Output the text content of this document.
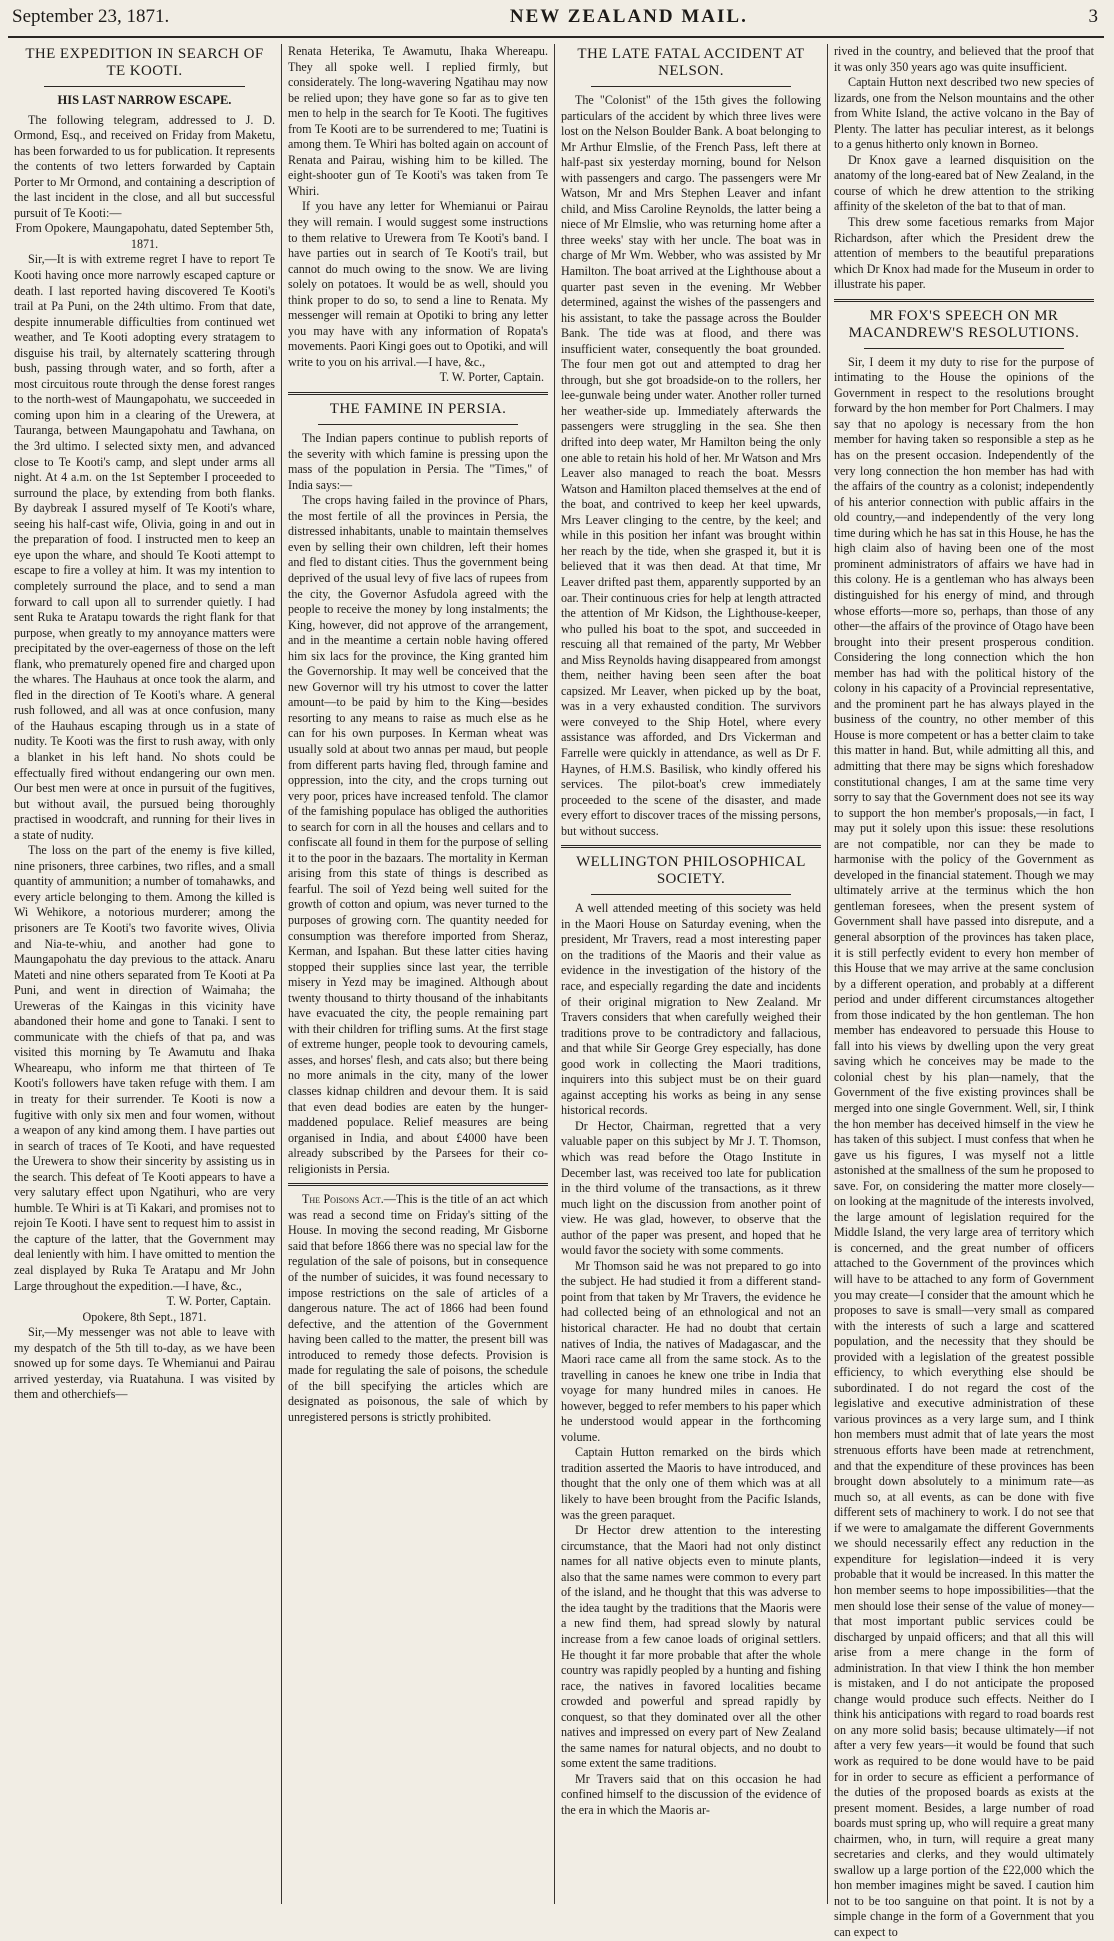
September 23, 1871.	NEW ZEALAND MAIL.	3
THE EXPEDITION IN SEARCH OF TE KOOTI.
HIS LAST NARROW ESCAPE.

The following telegram, addressed to J. D. Ormond, Esq., and received on Friday from Maketu, has been forwarded to us for publication. It represents the contents of two letters forwarded by Captain Porter to Mr Ormond, and containing a description of the last incident in the close, and all but successful pursuit of Te Kooti:—

From Opokere, Maungapohatu, dated September 5th, 1871.

Sir,—It is with extreme regret I have to report Te Kooti having once more narrowly escaped capture or death. I last reported having discovered Te Kooti's trail at Pa Puni, on the 24th ultimo. From that date, despite innumerable difficulties from continued wet weather, and Te Kooti adopting every stratagem to disguise his trail, by alternately scattering through bush, passing through water, and so forth, after a most circuitous route through the dense forest ranges to the north-west of Maungapohatu, we succeeded in coming upon him in a clearing of the Urewera, at Tauranga, between Maungapohatu and Tawhana, on the 3rd ultimo. I selected sixty men, and advanced close to Te Kooti's camp, and slept under arms all night. At 4 a.m. on the 1st September I proceeded to surround the place, by extending from both flanks. By daybreak I assured myself of Te Kooti's whare, seeing his half-cast wife, Olivia, going in and out in the preparation of food. I instructed men to keep an eye upon the whare, and should Te Kooti attempt to escape to fire a volley at him. It was my intention to completely surround the place, and to send a man forward to call upon all to surrender quietly. I had sent Ruka te Aratapu towards the right flank for that purpose, when greatly to my annoyance matters were precipitated by the over-eagerness of those on the left flank, who prematurely opened fire and charged upon the whares. The Hauhaus at once took the alarm, and fled in the direction of Te Kooti's whare. A general rush followed, and all was at once confusion, many of the Hauhaus escaping through us in a state of nudity. Te Kooti was the first to rush away, with only a blanket in his left hand. No shots could be effectually fired without endangering our own men. Our best men were at once in pursuit of the fugitives, but without avail, the pursued being thoroughly practised in woodcraft, and running for their lives in a state of nudity.

The loss on the part of the enemy is five killed, nine prisoners, three carbines, two rifles, and a small quantity of ammunition; a number of tomahawks, and every article belonging to them. Among the killed is Wi Wehikore, a notorious murderer; among the prisoners are Te Kooti's two favorite wives, Olivia and Nia-te-whiu, and another had gone to Maungapohatu the day previous to the attack. Anaru Mateti and nine others separated from Te Kooti at Pa Puni, and went in direction of Waimaha; the Ureweras of the Kaingas in this vicinity have abandoned their home and gone to Tanaki. I sent to communicate with the chiefs of that pa, and was visited this morning by Te Awamutu and Ihaka Wheareapu, who inform me that thirteen of Te Kooti's followers have taken refuge with them. I am in treaty for their surrender. Te Kooti is now a fugitive with only six men and four women, without a weapon of any kind among them. I have parties out in search of traces of Te Kooti, and have requested the Urewera to show their sincerity by assisting us in the search. This defeat of Te Kooti appears to have a very salutary effect upon Ngatihuri, who are very humble. Te Whiri is at Ti Kakari, and promises not to rejoin Te Kooti. I have sent to request him to assist in the capture of the latter, that the Government may deal leniently with him. I have omitted to mention the zeal displayed by Ruka Te Aratapu and Mr John Large throughout the expedition.—I have, &c.,

T. W. Porter, Captain.

Opokere, 8th Sept., 1871.

Sir,—My messenger was not able to leave with my despatch of the 5th till to-day, as we have been snowed up for some days. Te Whemianui and Pairau arrived yesterday, via Ruatahuna. I was visited by them and otherchiefs—

Renata Heterika, Te Awamutu, Ihaka Whereapu. They all spoke well. I replied firmly, but considerately. The long-wavering Ngatihau may now be relied upon; they have gone so far as to give ten men to help in the search for Te Kooti. The fugitives from Te Kooti are to be surrendered to me; Tuatini is among them. Te Whiri has bolted again on account of Renata and Pairau, wishing him to be killed. The eight-shooter gun of Te Kooti's was taken from Te Whiri.

If you have any letter for Whemianui or Pairau they will remain. I would suggest some instructions to them relative to Urewera from Te Kooti's band. I have parties out in search of Te Kooti's trail, but cannot do much owing to the snow. We are living solely on potatoes. It would be as well, should you think proper to do so, to send a line to Renata. My messenger will remain at Opotiki to bring any letter you may have with any information of Ropata's movements. Paori Kingi goes out to Opotiki, and will write to you on his arrival.—I have, &c.,

T. W. Porter, Captain.
THE FAMINE IN PERSIA.

The Indian papers continue to publish reports of the severity with which famine is pressing upon the mass of the population in Persia. The "Times," of India says:—

The crops having failed in the province of Phars, the most fertile of all the provinces in Persia, the distressed inhabitants, unable to maintain themselves even by selling their own children, left their homes and fled to distant cities. Thus the government being deprived of the usual levy of five lacs of rupees from the city, the Governor Asfudola agreed with the people to receive the money by long instalments; the King, however, did not approve of the arrangement, and in the meantime a certain noble having offered him six lacs for the province, the King granted him the Governorship. It may well be conceived that the new Governor will try his utmost to cover the latter amount—to be paid by him to the King—besides resorting to any means to raise as much else as he can for his own purposes. In Kerman wheat was usually sold at about two annas per maud, but people from different parts having fled, through famine and oppression, into the city, and the crops turning out very poor, prices have increased tenfold. The clamor of the famishing populace has obliged the authorities to search for corn in all the houses and cellars and to confiscate all found in them for the purpose of selling it to the poor in the bazaars. The mortality in Kerman arising from this state of things is described as fearful. The soil of Yezd being well suited for the growth of cotton and opium, was never turned to the purposes of growing corn. The quantity needed for consumption was therefore imported from Sheraz, Kerman, and Ispahan. But these latter cities having stopped their supplies since last year, the terrible misery in Yezd may be imagined. Although about twenty thousand to thirty thousand of the inhabitants have evacuated the city, the people remaining part with their children for trifling sums. At the first stage of extreme hunger, people took to devouring camels, asses, and horses' flesh, and cats also; but there being no more animals in the city, many of the lower classes kidnap children and devour them. It is said that even dead bodies are eaten by the hunger-maddened populace. Relief measures are being organised in India, and about £4000 have been already subscribed by the Parsees for their co-religionists in Persia.

The Poisons Act.—This is the title of an act which was read a second time on Friday's sitting of the House. In moving the second reading, Mr Gisborne said that before 1866 there was no special law for the regulation of the sale of poisons, but in consequence of the number of suicides, it was found necessary to impose restrictions on the sale of articles of a dangerous nature. The act of 1866 had been found defective, and the attention of the Government having been called to the matter, the present bill was introduced to remedy those defects. Provision is made for regulating the sale of poisons, the schedule of the bill specifying the articles which are designated as poisonous, the sale of which by unregistered persons is strictly prohibited.

THE LATE FATAL ACCIDENT AT NELSON.

The "Colonist" of the 15th gives the following particulars of the accident by which three lives were lost on the Nelson Boulder Bank. A boat belonging to Mr Arthur Elmslie, of the French Pass, left there at half-past six yesterday morning, bound for Nelson with passengers and cargo. The passengers were Mr Watson, Mr and Mrs Stephen Leaver and infant child, and Miss Caroline Reynolds, the latter being a niece of Mr Elmslie, who was returning home after a three weeks' stay with her uncle. The boat was in charge of Mr Wm. Webber, who was assisted by Mr Hamilton. The boat arrived at the Lighthouse about a quarter past seven in the evening. Mr Webber determined, against the wishes of the passengers and his assistant, to take the passage across the Boulder Bank. The tide was at flood, and there was insufficient water, consequently the boat grounded. The four men got out and attempted to drag her through, but she got broadside-on to the rollers, her lee-gunwale being under water. Another roller turned her weather-side up. Immediately afterwards the passengers were struggling in the sea. She then drifted into deep water, Mr Hamilton being the only one able to retain his hold of her. Mr Watson and Mrs Leaver also managed to reach the boat. Messrs Watson and Hamilton placed themselves at the end of the boat, and contrived to keep her keel upwards, Mrs Leaver clinging to the centre, by the keel; and while in this position her infant was brought within her reach by the tide, when she grasped it, but it is believed that it was then dead. At that time, Mr Leaver drifted past them, apparently supported by an oar. Their continuous cries for help at length attracted the attention of Mr Kidson, the Lighthouse-keeper, who pulled his boat to the spot, and succeeded in rescuing all that remained of the party, Mr Webber and Miss Reynolds having disappeared from amongst them, neither having been seen after the boat capsized. Mr Leaver, when picked up by the boat, was in a very exhausted condition. The survivors were conveyed to the Ship Hotel, where every assistance was afforded, and Drs Vickerman and Farrelle were quickly in attendance, as well as Dr F. Haynes, of H.M.S. Basilisk, who kindly offered his services. The pilot-boat's crew immediately proceeded to the scene of the disaster, and made every effort to discover traces of the missing persons, but without success.

WELLINGTON PHILOSOPHICAL SOCIETY.

A well attended meeting of this society was held in the Maori House on Saturday evening, when the president, Mr Travers, read a most interesting paper on the traditions of the Maoris and their value as evidence in the investigation of the history of the race, and especially regarding the date and incidents of their original migration to New Zealand. Mr Travers considers that when carefully weighed their traditions prove to be contradictory and fallacious, and that while Sir George Grey especially, has done good work in collecting the Maori traditions, inquirers into this subject must be on their guard against accepting his works as being in any sense historical records.

Dr Hector, Chairman, regretted that a very valuable paper on this subject by Mr J. T. Thomson, which was read before the Otago Institute in December last, was received too late for publication in the third volume of the transactions, as it threw much light on the discussion from another point of view. He was glad, however, to observe that the author of the paper was present, and hoped that he would favor the society with some comments.

Mr Thomson said he was not prepared to go into the subject. He had studied it from a different stand-point from that taken by Mr Travers, the evidence he had collected being of an ethnological and not an historical character. He had no doubt that certain natives of India, the natives of Madagascar, and the Maori race came all from the same stock. As to the travelling in canoes he knew one tribe in India that voyage for many hundred miles in canoes. He however, begged to refer members to his paper which he understood would appear in the forthcoming volume.

Captain Hutton remarked on the birds which tradition asserted the Maoris to have introduced, and thought that the only one of them which was at all likely to have been brought from the Pacific Islands, was the green paraquet.

Dr Hector drew attention to the interesting circumstance, that the Maori had not only distinct names for all native objects even to minute plants, also that the same names were common to every part of the island, and he thought that this was adverse to the idea taught by the traditions that the Maoris were a new find them, had spread slowly by natural increase from a few canoe loads of original settlers. He thought it far more probable that after the whole country was rapidly peopled by a hunting and fishing race, the natives in favored localities became crowded and powerful and spread rapidly by conquest, so that they dominated over all the other natives and impressed on every part of New Zealand the same names for natural objects, and no doubt to some extent the same traditions.

Mr Travers said that on this occasion he had confined himself to the discussion of the evidence of the era in which the Maoris ar-

rived in the country, and believed that the proof that it was only 350 years ago was quite insufficient.

Captain Hutton next described two new species of lizards, one from the Nelson mountains and the other from White Island, the active volcano in the Bay of Plenty. The latter has peculiar interest, as it belongs to a genus hitherto only known in Borneo.

Dr Knox gave a learned disquisition on the anatomy of the long-eared bat of New Zealand, in the course of which he drew attention to the striking affinity of the skeleton of the bat to that of man.

This drew some facetious remarks from Major Richardson, after which the President drew the attention of members to the beautiful preparations which Dr Knox had made for the Museum in order to illustrate his paper.

MR FOX'S SPEECH ON MR MACANDREW'S RESOLUTIONS.

Sir, I deem it my duty to rise for the purpose of intimating to the House the opinions of the Government in respect to the resolutions brought forward by the hon member for Port Chalmers. I may say that no apology is necessary from the hon member for having taken so responsible a step as he has on the present occasion. Independently of the very long connection the hon member has had with the affairs of the country as a colonist; independently of his anterior connection with public affairs in the old country,—and independently of the very long time during which he has sat in this House, he has the high claim also of having been one of the most prominent administrators of affairs we have had in this colony. He is a gentleman who has always been distinguished for his energy of mind, and through whose efforts—more so, perhaps, than those of any other—the affairs of the province of Otago have been brought into their present prosperous condition. Considering the long connection which the hon member has had with the political history of the colony in his capacity of a Provincial representative, and the prominent part he has always played in the business of the country, no other member of this House is more competent or has a better claim to take this matter in hand. But, while admitting all this, and admitting that there may be signs which foreshadow constitutional changes, I am at the same time very sorry to say that the Government does not see its way to support the hon member's proposals,—in fact, I may put it solely upon this issue: these resolutions are not compatible, nor can they be made to harmonise with the policy of the Government as developed in the financial statement. Though we may ultimately arrive at the terminus which the hon gentleman foresees, when the present system of Government shall have passed into disrepute, and a general absorption of the provinces has taken place, it is still perfectly evident to every hon member of this House that we may arrive at the same conclusion by a different operation, and probably at a different period and under different circumstances altogether from those indicated by the hon gentleman. The hon member has endeavored to persuade this House to fall into his views by dwelling upon the very great saving which he conceives may be made to the colonial chest by his plan—namely, that the Government of the five existing provinces shall be merged into one single Government. Well, sir, I think the hon member has deceived himself in the view he has taken of this subject. I must confess that when he gave us his figures, I was myself not a little astonished at the smallness of the sum he proposed to save. For, on considering the matter more closely—on looking at the magnitude of the interests involved, the large amount of legislation required for the Middle Island, the very large area of territory which is concerned, and the great number of officers attached to the Government of the provinces which will have to be attached to any form of Government you may create—I consider that the amount which he proposes to save is small—very small as compared with the interests of such a large and scattered population, and the necessity that they should be provided with a legislation of the greatest possible efficiency, to which everything else should be subordinated. I do not regard the cost of the legislative and executive administration of these various provinces as a very large sum, and I think hon members must admit that of late years the most strenuous efforts have been made at retrenchment, and that the expenditure of these provinces has been brought down absolutely to a minimum rate—as much so, at all events, as can be done with five different sets of machinery to work. I do not see that if we were to amalgamate the different Governments we should necessarily effect any reduction in the expenditure for legislation—indeed it is very probable that it would be increased. In this matter the hon member seems to hope impossibilities—that the men should lose their sense of the value of money—that most important public services could be discharged by unpaid officers; and that all this will arise from a mere change in the form of administration. In that view I think the hon member is mistaken, and I do not anticipate the proposed change would produce such effects. Neither do I think his anticipations with regard to road boards rest on any more solid basis; because ultimately—if not after a very few years—it would be found that such work as required to be done would have to be paid for in order to secure as efficient a performance of the duties of the proposed boards as exists at the present moment. Besides, a large number of road boards must spring up, who will require a great many chairmen, who, in turn, will require a great many secretaries and clerks, and they would ultimately swallow up a large portion of the £22,000 which the hon member imagines might be saved. I caution him not to be too sanguine on that point. It is not by a simple change in the form of a Government that you can expect to
